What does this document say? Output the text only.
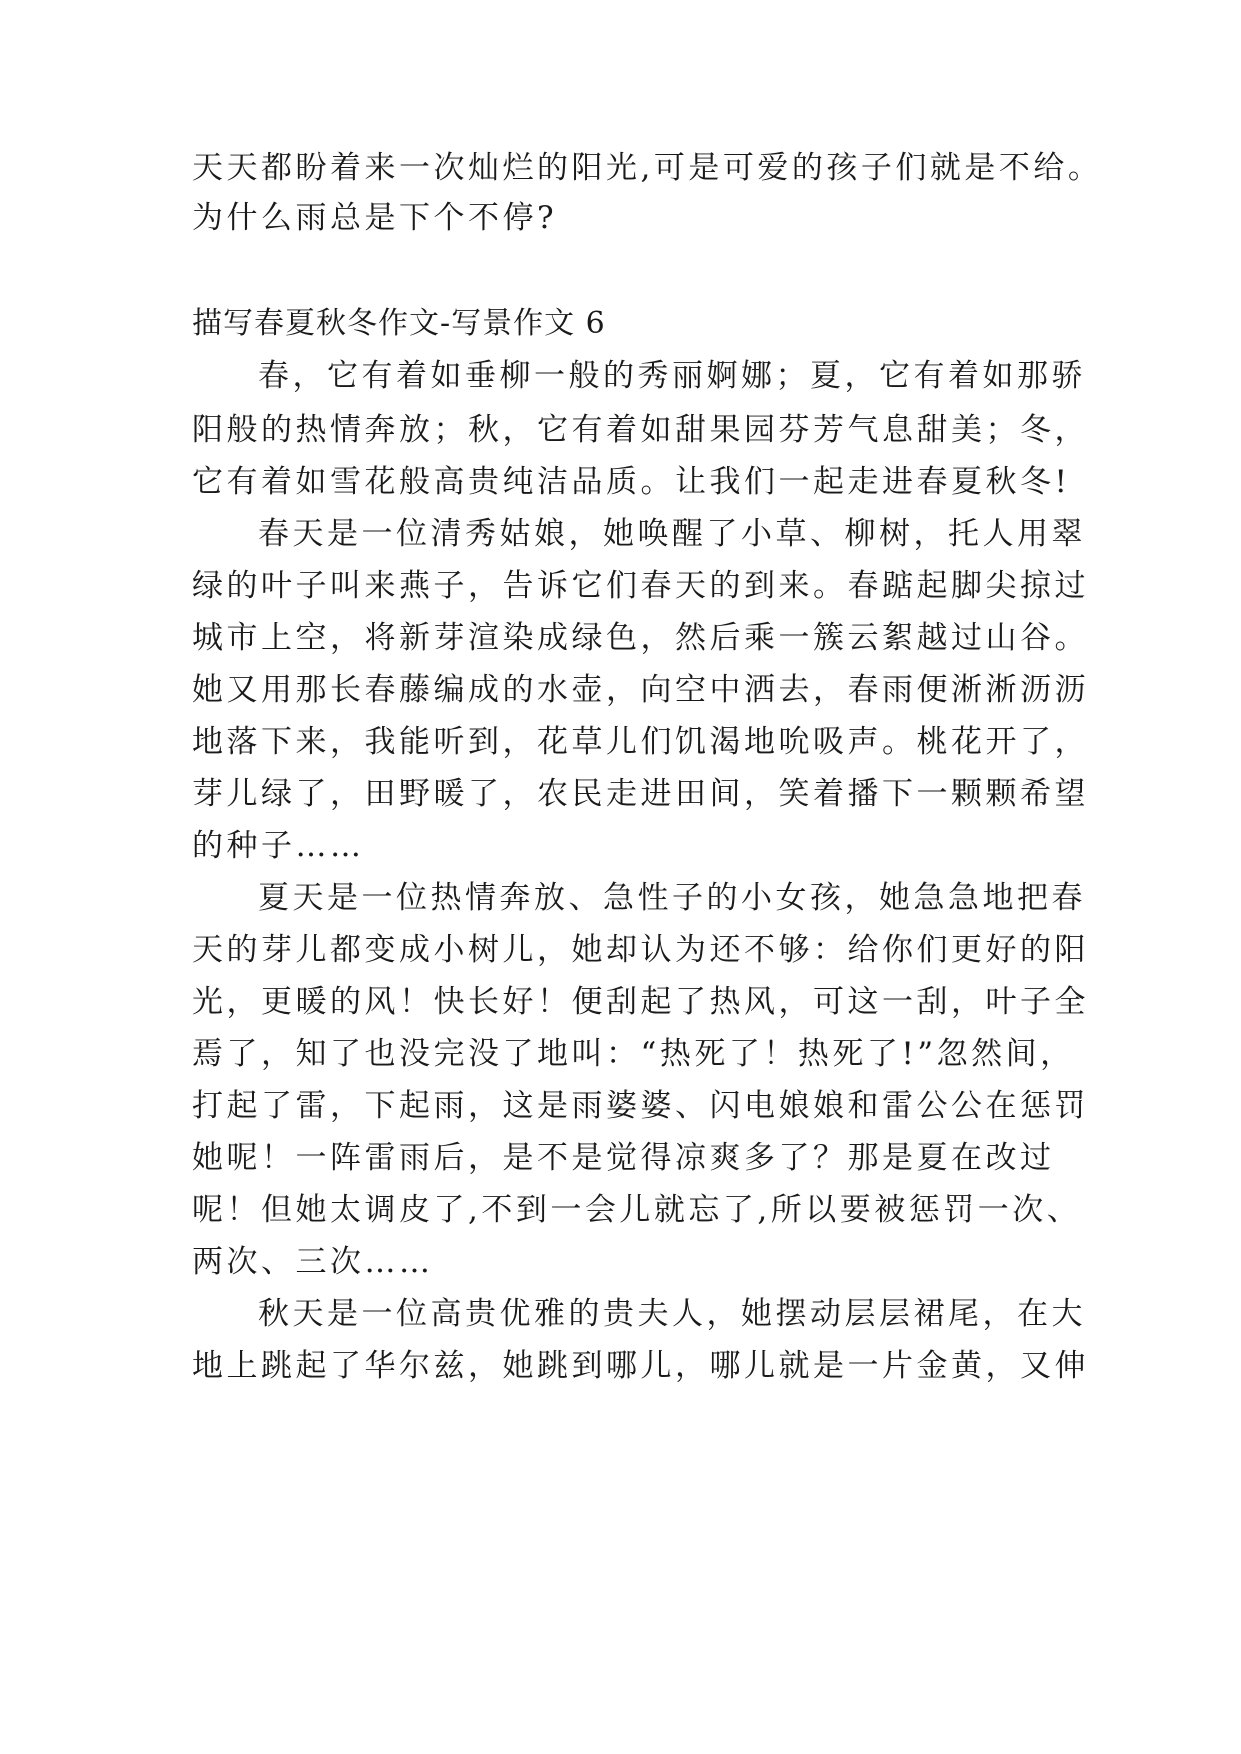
天天都盼着来一次灿烂的阳光,可是可爱的孩子们就是不给。
为什么雨总是下个不停?
描写春夏秋冬作文-写景作文 6
春，它有着如垂柳一般的秀丽婀娜；夏，它有着如那骄
阳般的热情奔放；秋，它有着如甜果园芬芳气息甜美；冬，
它有着如雪花般高贵纯洁品质。让我们一起走进春夏秋冬!
春天是一位清秀姑娘，她唤醒了小草、柳树，托人用翠
绿的叶子叫来燕子，告诉它们春天的到来。春踮起脚尖掠过
城市上空，将新芽渲染成绿色，然后乘一簇云絮越过山谷。
她又用那长春藤编成的水壶，向空中洒去，春雨便淅淅沥沥
地落下来，我能听到，花草儿们饥渴地吮吸声。桃花开了，
芽儿绿了，田野暖了，农民走进田间，笑着播下一颗颗希望
的种子……
夏天是一位热情奔放、急性子的小女孩，她急急地把春
天的芽儿都变成小树儿，她却认为还不够：给你们更好的阳
光，更暖的风！快长好！便刮起了热风，可这一刮，叶子全
焉了，知了也没完没了地叫：“热死了！热死了!”忽然间，
打起了雷，下起雨，这是雨婆婆、闪电娘娘和雷公公在惩罚
她呢！一阵雷雨后，是不是觉得凉爽多了？那是夏在改过
呢！但她太调皮了,不到一会儿就忘了,所以要被惩罚一次、
两次、三次……
秋天是一位高贵优雅的贵夫人，她摆动层层裙尾，在大
地上跳起了华尔兹，她跳到哪儿，哪儿就是一片金黄，又伸
